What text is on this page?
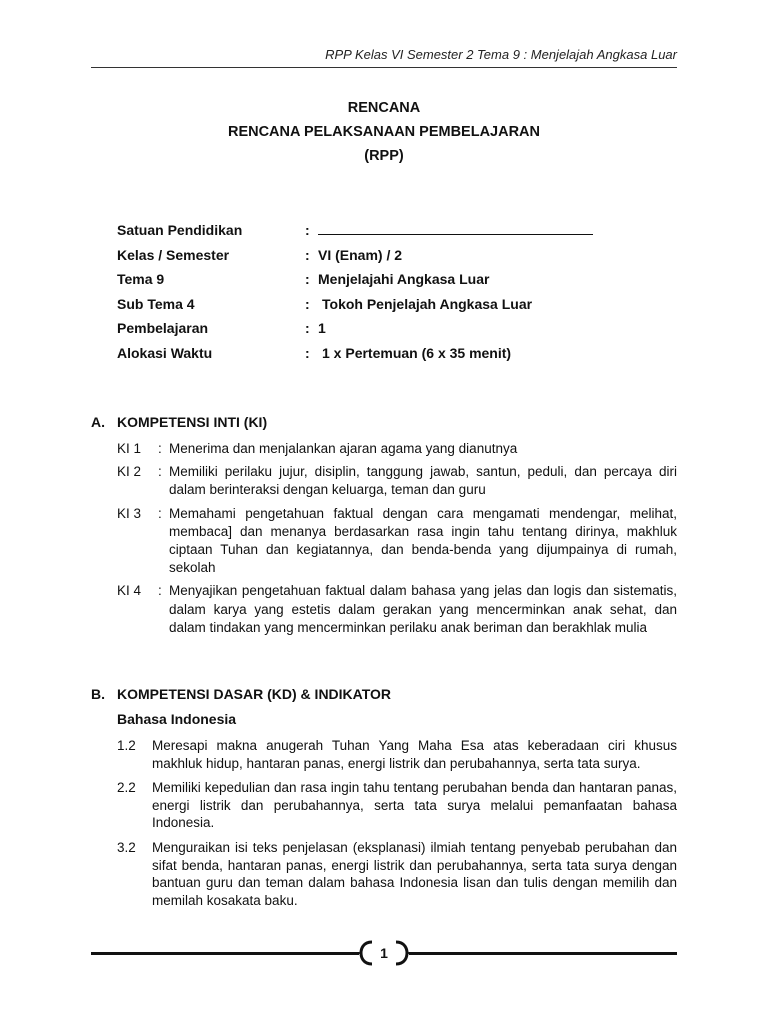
RPP Kelas VI Semester 2 Tema 9 : Menjelajah Angkasa Luar
RENCANA
RENCANA PELAKSANAAN PEMBELAJARAN
(RPP)
Satuan Pendidikan	:
Kelas / Semester	: VI (Enam) / 2
Tema 9	: Menjelajahi Angkasa Luar
Sub Tema 4	: Tokoh Penjelajah Angkasa Luar
Pembelajaran	: 1
Alokasi Waktu	: 1 x Pertemuan (6 x 35 menit)
A. KOMPETENSI INTI (KI)
KI 1	: Menerima dan menjalankan ajaran agama yang dianutnya
KI 2	: Memiliki perilaku jujur, disiplin, tanggung jawab, santun, peduli, dan percaya diri dalam berinteraksi dengan keluarga, teman dan guru
KI 3	: Memahami pengetahuan faktual dengan cara mengamati mendengar, melihat, membaca] dan menanya berdasarkan rasa ingin tahu tentang dirinya, makhluk ciptaan Tuhan dan kegiatannya, dan benda-benda yang dijumpainya di rumah, sekolah
KI 4	: Menyajikan pengetahuan faktual dalam bahasa yang jelas dan logis dan sistematis, dalam karya yang estetis dalam gerakan yang mencerminkan anak sehat, dan dalam tindakan yang mencerminkan perilaku anak beriman dan berakhlak mulia
B. KOMPETENSI DASAR (KD) & INDIKATOR
Bahasa Indonesia
1.2 Meresapi makna anugerah Tuhan Yang Maha Esa atas keberadaan ciri khusus makhluk hidup, hantaran panas, energi listrik dan perubahannya, serta tata surya.
2.2 Memiliki kepedulian dan rasa ingin tahu tentang perubahan benda dan hantaran panas, energi listrik dan perubahannya, serta tata surya melalui pemanfaatan bahasa Indonesia.
3.2 Menguraikan isi teks penjelasan (eksplanasi) ilmiah tentang penyebab perubahan dan sifat benda, hantaran panas, energi listrik dan perubahannya, serta tata surya dengan bantuan guru dan teman dalam bahasa Indonesia lisan dan tulis dengan memilih dan memilah kosakata baku.
1
